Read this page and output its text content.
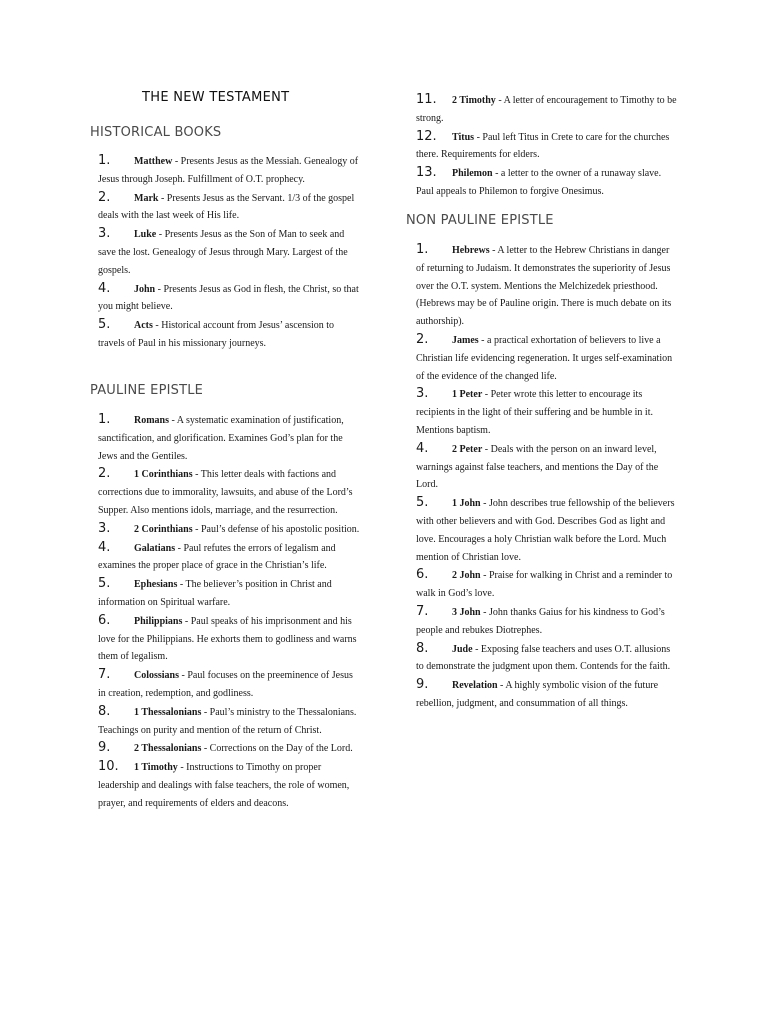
THE NEW TESTAMENT
HISTORICAL BOOKS

1. Matthew - Presents Jesus as the Messiah. Genealogy of Jesus through Joseph. Fulfillment of O.T. prophecy.

2. Mark - Presents Jesus as the Servant. 1/3 of the gospel deals with the last week of His life.

3. Luke - Presents Jesus as the Son of Man to seek and save the lost. Genealogy of Jesus through Mary. Largest of the gospels.

4. John - Presents Jesus as God in flesh, the Christ, so that you might believe.

5. Acts - Historical account from Jesus’ ascension to travels of Paul in his missionary journeys.

PAULINE EPISTLE

1. Romans - A systematic examination of justification, sanctification, and glorification. Examines God’s plan for the Jews and the Gentiles.

2. 1 Corinthians - This letter deals with factions and corrections due to immorality, lawsuits, and abuse of the Lord’s Supper. Also mentions idols, marriage, and the resurrection.

3. 2 Corinthians - Paul’s defense of his apostolic position.

4. Galatians - Paul refutes the errors of legalism and examines the proper place of grace in the Christian’s life.

5. Ephesians - The believer’s position in Christ and information on Spiritual warfare.

6. Philippians - Paul speaks of his imprisonment and his love for the Philippians. He exhorts them to godliness and warns them of legalism.

7. Colossians - Paul focuses on the preeminence of Jesus in creation, redemption, and godliness.

8. 1 Thessalonians - Paul’s ministry to the Thessalonians. Teachings on purity and mention of the return of Christ.

9. 2 Thessalonians - Corrections on the Day of the Lord.

10. 1 Timothy - Instructions to Timothy on proper leadership and dealings with false teachers, the role of women, prayer, and requirements of elders and deacons.

11. 2 Timothy - A letter of encouragement to Timothy to be strong.

12. Titus - Paul left Titus in Crete to care for the churches there. Requirements for elders.

13. Philemon - a letter to the owner of a runaway slave. Paul appeals to Philemon to forgive Onesimus.

NON PAULINE EPISTLE

1. Hebrews - A letter to the Hebrew Christians in danger of returning to Judaism. It demonstrates the superiority of Jesus over the O.T. system. Mentions the Melchizedek priesthood. (Hebrews may be of Pauline origin. There is much debate on its authorship).

2. James - a practical exhortation of believers to live a Christian life evidencing regeneration. It urges self-examination of the evidence of the changed life.

3. 1 Peter - Peter wrote this letter to encourage its recipients in the light of their suffering and be humble in it. Mentions baptism.

4. 2 Peter - Deals with the person on an inward level, warnings against false teachers, and mentions the Day of the Lord.

5. 1 John - John describes true fellowship of the believers with other believers and with God. Describes God as light and love. Encourages a holy Christian walk before the Lord. Much mention of Christian love.

6. 2 John - Praise for walking in Christ and a reminder to walk in God’s love.

7. 3 John - John thanks Gaius for his kindness to God’s people and rebukes Diotrephes.

8. Jude - Exposing false teachers and uses O.T. allusions to demonstrate the judgment upon them. Contends for the faith.

9. Revelation - A highly symbolic vision of the future rebellion, judgment, and consummation of all things.
